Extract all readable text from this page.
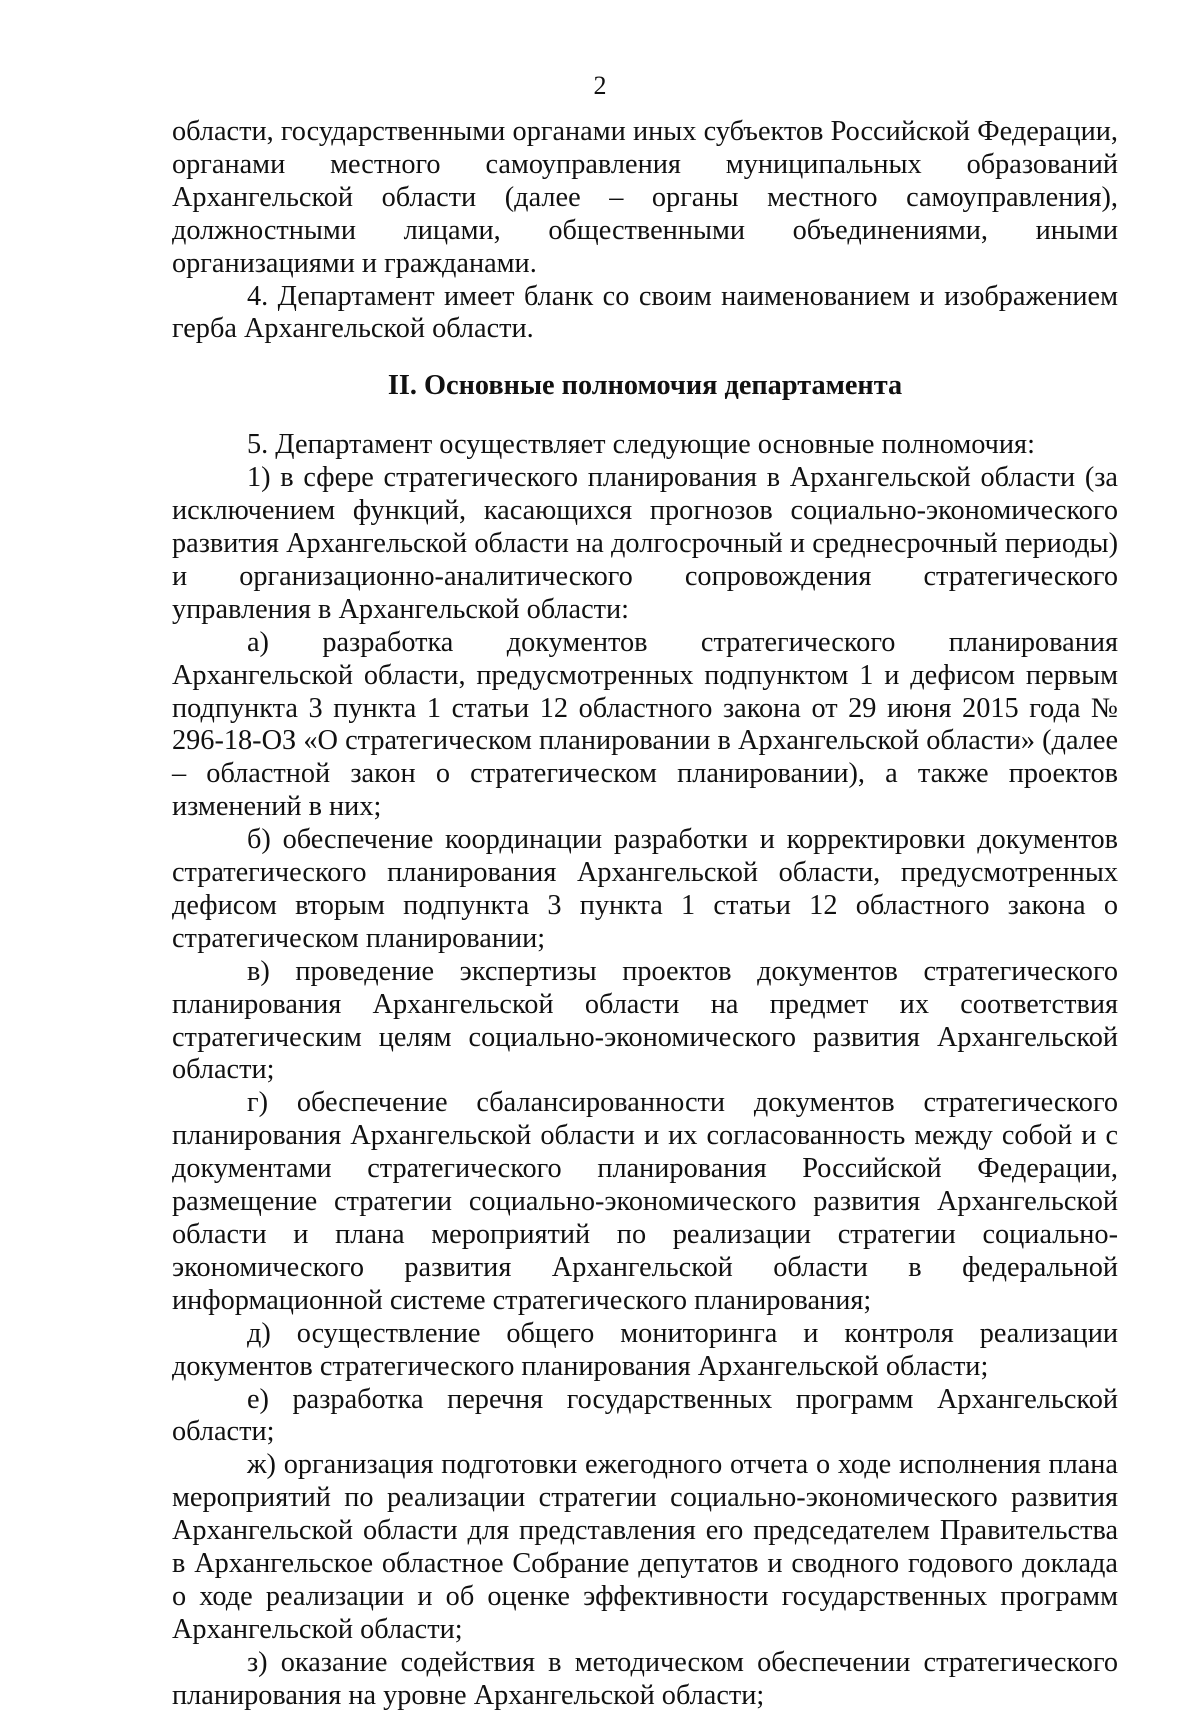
2

области, государственными органами иных субъектов Российской Федерации, органами местного самоуправления муниципальных образований Архангельской области (далее – органы местного самоуправления), должностными лицами, общественными объединениями, иными организациями и гражданами.

4. Департамент имеет бланк со своим наименованием и изображением герба Архангельской области.

II. Основные полномочия департамента

5. Департамент осуществляет следующие основные полномочия:

1) в сфере стратегического планирования в Архангельской области (за исключением функций, касающихся прогнозов социально-экономического развития Архангельской области на долгосрочный и среднесрочный периоды) и организационно-аналитического сопровождения стратегического управления в Архангельской области:

а) разработка документов стратегического планирования Архангельской области, предусмотренных подпунктом 1 и дефисом первым подпункта 3 пункта 1 статьи 12 областного закона от 29 июня 2015 года № 296-18-ОЗ «О стратегическом планировании в Архангельской области» (далее – областной закон о стратегическом планировании), а также проектов изменений в них;

б) обеспечение координации разработки и корректировки документов стратегического планирования Архангельской области, предусмотренных дефисом вторым подпункта 3 пункта 1 статьи 12 областного закона о стратегическом планировании;

в) проведение экспертизы проектов документов стратегического планирования Архангельской области на предмет их соответствия стратегическим целям социально-экономического развития Архангельской области;

г) обеспечение сбалансированности документов стратегического планирования Архангельской области и их согласованность между собой и с документами стратегического планирования Российской Федерации, размещение стратегии социально-экономического развития Архангельской области и плана мероприятий по реализации стратегии социально-экономического развития Архангельской области в федеральной информационной системе стратегического планирования;

д) осуществление общего мониторинга и контроля реализации документов стратегического планирования Архангельской области;

е) разработка перечня государственных программ Архангельской области;

ж) организация подготовки ежегодного отчета о ходе исполнения плана мероприятий по реализации стратегии социально-экономического развития Архангельской области для представления его председателем Правительства в Архангельское областное Собрание депутатов и сводного годового доклада о ходе реализации и об оценке эффективности государственных программ Архангельской области;

з) оказание содействия в методическом обеспечении стратегического планирования на уровне Архангельской области;
